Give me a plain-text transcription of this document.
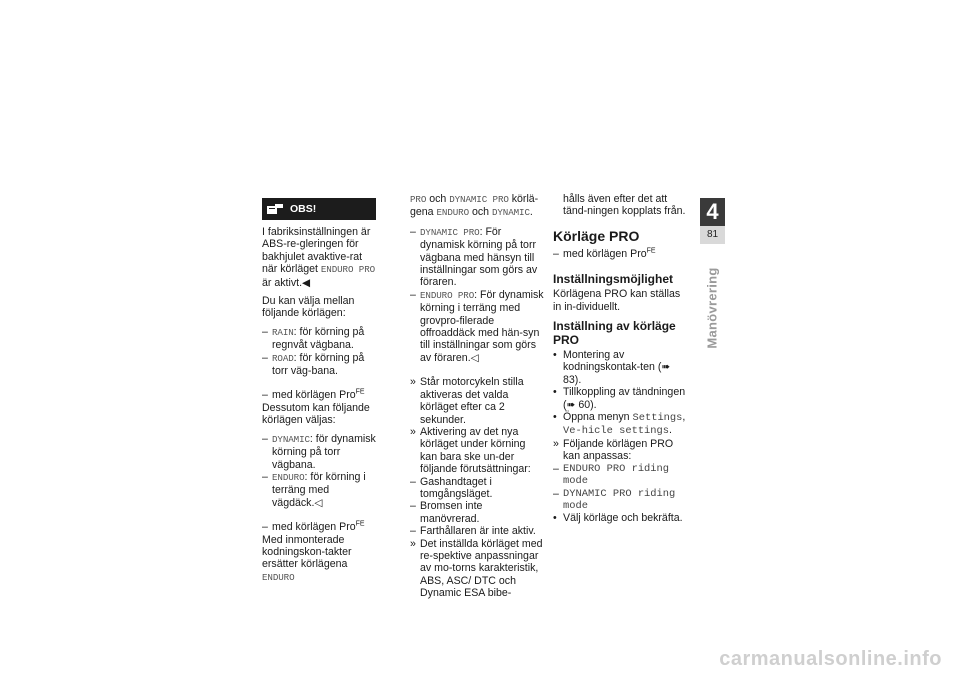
OBS!

I fabriksinställningen är ABS-re-gleringen för bakhjulet avaktive-rat när körläget ENDURO PRO är aktivt.◀

Du kan välja mellan följande körlägen:

– RAIN: för körning på regnvåt vägbana.
– ROAD: för körning på torr väg-bana.
– med körlägen Pro$^{FE}$

Dessutom kan följande körlägen väljas:

– DYNAMIC: för dynamisk körning på torr vägbana.
– ENDURO: för körning i terräng med vägdäck.◁
– med körlägen Pro$^{FE}$

Med inmonterade kodningskon-takter ersätter körlägena ENDURO

PRO och DYNAMIC PRO körlä-gena ENDURO och DYNAMIC.

– DYNAMIC PRO: För dynamisk körning på torr vägbana med hänsyn till inställningar som görs av föraren.
– ENDURO PRO: För dynamisk körning i terräng med grovpro-filerade offroaddäck med hän-syn till inställningar som görs av föraren.◁
» Står motorcykeln stilla aktiveras det valda körläget efter ca 2 sekunder.
» Aktivering av det nya körläget under körning kan bara ske un-der följande förutsättningar:
– Gashandtaget i tomgångsläget.
– Bromsen inte manövrerad.
– Farthållaren är inte aktiv.
» Det inställda körläget med re-spektive anpassningar av mo-torns karakteristik, ABS, ASC/ DTC och Dynamic ESA bibe-
hålls även efter det att tänd-ningen kopplats från.
Körläge PRO
– med körlägen Pro$^{FE}$
Inställningsmöjlighet

Körlägena PRO kan ställas in in-dividuellt.

Inställning av körläge PRO
• Montering av kodningskontak-ten (➠ 83).
• Tillkoppling av tändningen (➠ 60).
• Öppna menyn Settings, Ve-hicle settings.
» Följande körlägen PRO kan anpassas:
– ENDURO PRO riding mode
– DYNAMIC PRO riding mode
• Välj körläge och bekräfta.
4
81
Manövrering
carmanualsonline.info
